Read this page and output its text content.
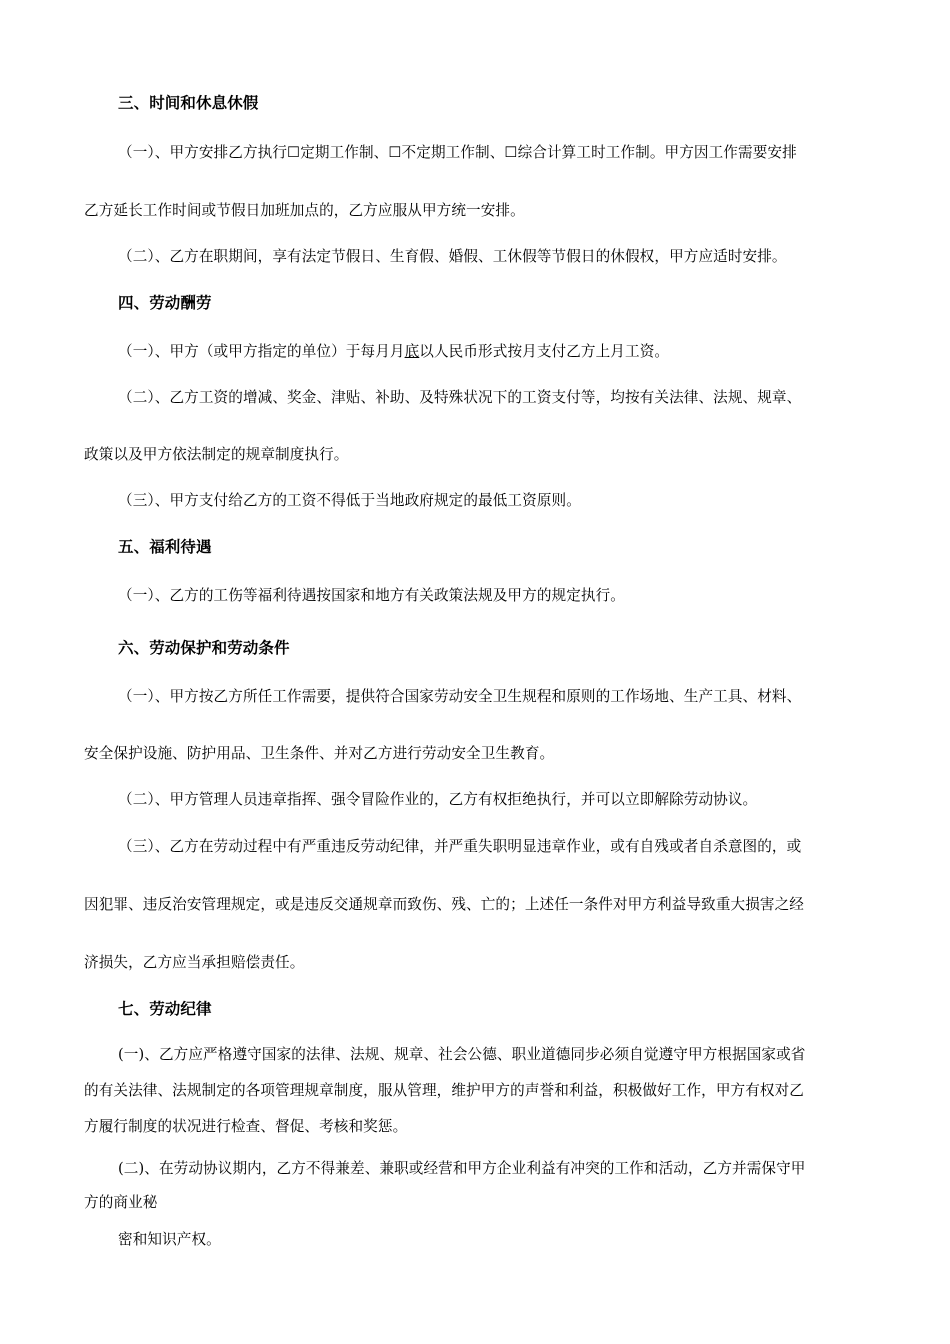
三、时间和休息休假
（一）、甲方安排乙方执行☐定期工作制、☐不定期工作制、☐综合计算工时工作制。甲方因工作需要安排
乙方延长工作时间或节假日加班加点的，乙方应服从甲方统一安排。
（二）、乙方在职期间，享有法定节假日、生育假、婚假、工休假等节假日的休假权，甲方应适时安排。
四、劳动酬劳
（一）、甲方（或甲方指定的单位）于每月月底以人民币形式按月支付乙方上月工资。
（二）、乙方工资的增减、奖金、津贴、补助、及特殊状况下的工资支付等，均按有关法律、法规、规章、
政策以及甲方依法制定的规章制度执行。
（三）、甲方支付给乙方的工资不得低于当地政府规定的最低工资原则。
五、福利待遇
（一）、乙方的工伤等福利待遇按国家和地方有关政策法规及甲方的规定执行。
六、劳动保护和劳动条件
（一）、甲方按乙方所任工作需要，提供符合国家劳动安全卫生规程和原则的工作场地、生产工具、材料、
安全保护设施、防护用品、卫生条件、并对乙方进行劳动安全卫生教育。
（二）、甲方管理人员违章指挥、强令冒险作业的，乙方有权拒绝执行，并可以立即解除劳动协议。
（三）、乙方在劳动过程中有严重违反劳动纪律，并严重失职明显违章作业，或有自残或者自杀意图的，或
因犯罪、违反治安管理规定，或是违反交通规章而致伤、残、亡的；上述任一条件对甲方利益导致重大损害之经
济损失，乙方应当承担赔偿责任。
七、劳动纪律
(一)、乙方应严格遵守国家的法律、法规、规章、社会公德、职业道德同步必须自觉遵守甲方根据国家或省
的有关法律、法规制定的各项管理规章制度，服从管理，维护甲方的声誉和利益，积极做好工作，甲方有权对乙
方履行制度的状况进行检查、督促、考核和奖惩。
(二)、在劳动协议期内，乙方不得兼差、兼职或经营和甲方企业利益有冲突的工作和活动，乙方并需保守甲
方的商业秘
密和知识产权。
